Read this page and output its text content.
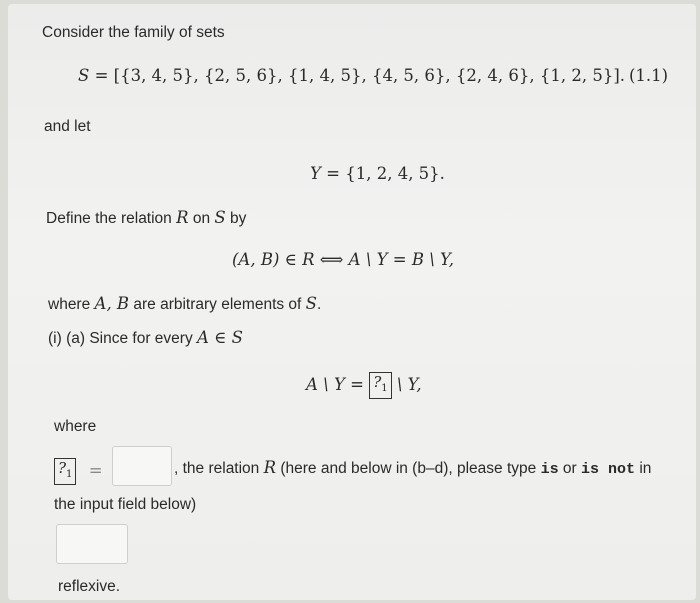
Consider the family of sets
S = [{3, 4, 5}, {2, 5, 6}, {1, 4, 5}, {4, 5, 6}, {2, 4, 6}, {1, 2, 5}]. (1.1)
and let
Y = {1, 2, 4, 5}.
Define the relation R on S by
(A, B) ∈ R ⟺ A \ Y = B \ Y,
where A, B are arbitrary elements of S.
(i) (a) Since for every A ∈ S
A \ $Y = ?_1$ \ Y,
where
$?_1$ =	, the relation R (here and below in (b–d), please type is or is not in
the input field below)
reflexive.
